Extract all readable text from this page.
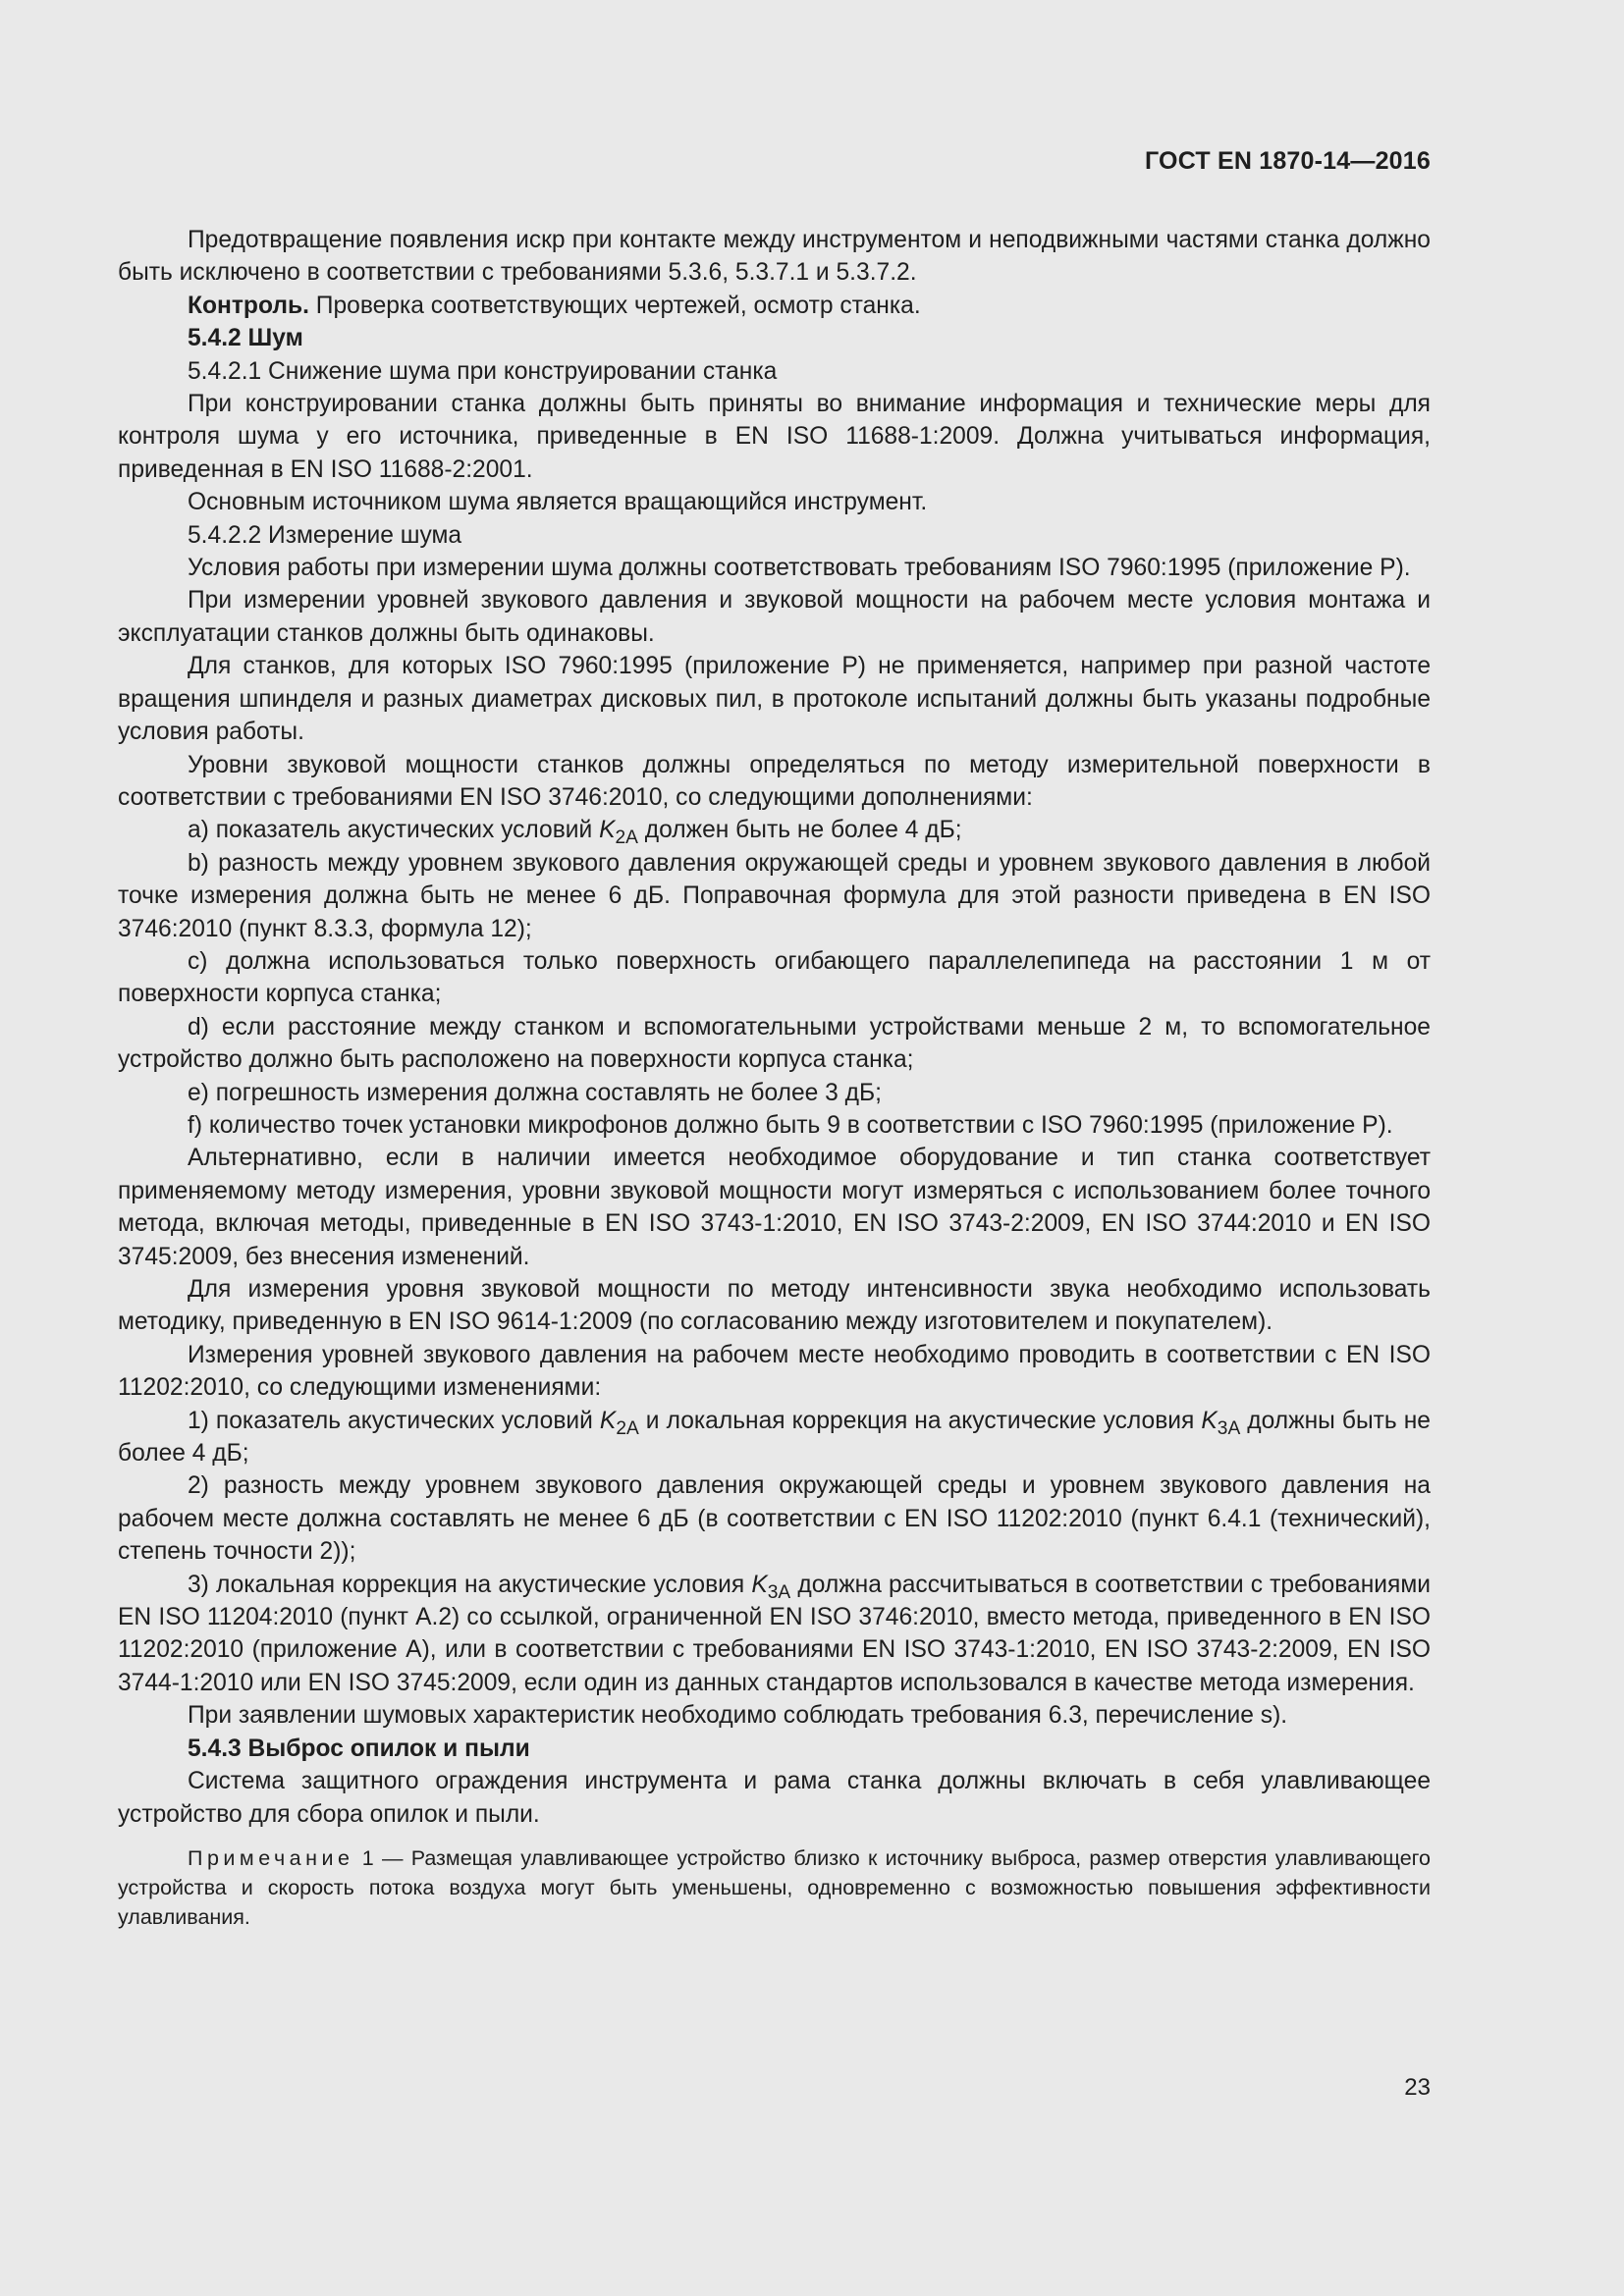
ГОСТ EN 1870-14—2016

Предотвращение появления искр при контакте между инструментом и неподвижными частями станка должно быть исключено в соответствии с требованиями 5.3.6, 5.3.7.1 и 5.3.7.2.

Контроль. Проверка соответствующих чертежей, осмотр станка.

5.4.2 Шум

5.4.2.1 Снижение шума при конструировании станка

При конструировании станка должны быть приняты во внимание информация и технические меры для контроля шума у его источника, приведенные в EN ISO 11688-1:2009. Должна учитываться информация, приведенная в EN ISO 11688-2:2001.

Основным источником шума является вращающийся инструмент.

5.4.2.2 Измерение шума

Условия работы при измерении шума должны соответствовать требованиям ISO 7960:1995 (приложение P).

При измерении уровней звукового давления и звуковой мощности на рабочем месте условия монтажа и эксплуатации станков должны быть одинаковы.

Для станков, для которых ISO 7960:1995 (приложение P) не применяется, например при разной частоте вращения шпинделя и разных диаметрах дисковых пил, в протоколе испытаний должны быть указаны подробные условия работы.

Уровни звуковой мощности станков должны определяться по методу измерительной поверхности в соответствии с требованиями EN ISO 3746:2010, со следующими дополнениями:

a) показатель акустических условий $K_{2A}$ должен быть не более 4 дБ;

b) разность между уровнем звукового давления окружающей среды и уровнем звукового давления в любой точке измерения должна быть не менее 6 дБ. Поправочная формула для этой разности приведена в EN ISO 3746:2010 (пункт 8.3.3, формула 12);

c) должна использоваться только поверхность огибающего параллелепипеда на расстоянии 1 м от поверхности корпуса станка;

d) если расстояние между станком и вспомогательными устройствами меньше 2 м, то вспомогательное устройство должно быть расположено на поверхности корпуса станка;

e) погрешность измерения должна составлять не более 3 дБ;

f) количество точек установки микрофонов должно быть 9 в соответствии с ISO 7960:1995 (приложение P).

Альтернативно, если в наличии имеется необходимое оборудование и тип станка соответствует применяемому методу измерения, уровни звуковой мощности могут измеряться с использованием более точного метода, включая методы, приведенные в EN ISO 3743-1:2010, EN ISO 3743-2:2009, EN ISO 3744:2010 и EN ISO 3745:2009, без внесения изменений.

Для измерения уровня звуковой мощности по методу интенсивности звука необходимо использовать методику, приведенную в EN ISO 9614-1:2009 (по согласованию между изготовителем и покупателем).

Измерения уровней звукового давления на рабочем месте необходимо проводить в соответствии с EN ISO 11202:2010, со следующими изменениями:

1) показатель акустических условий $K_{2A}$ и локальная коррекция на акустические условия $K_{3A}$ должны быть не более 4 дБ;

2) разность между уровнем звукового давления окружающей среды и уровнем звукового давления на рабочем месте должна составлять не менее 6 дБ (в соответствии с EN ISO 11202:2010 (пункт 6.4.1 (технический), степень точности 2));

3) локальная коррекция на акустические условия $K_{3A}$ должна рассчитываться в соответствии с требованиями EN ISO 11204:2010 (пункт A.2) со ссылкой, ограниченной EN ISO 3746:2010, вместо метода, приведенного в EN ISO 11202:2010 (приложение A), или в соответствии с требованиями EN ISO 3743-1:2010, EN ISO 3743-2:2009, EN ISO 3744-1:2010 или EN ISO 3745:2009, если один из данных стандартов использовался в качестве метода измерения.

При заявлении шумовых характеристик необходимо соблюдать требования 6.3, перечисление s).

5.4.3 Выброс опилок и пыли

Система защитного ограждения инструмента и рама станка должны включать в себя улавливающее устройство для сбора опилок и пыли.

Примечание 1 — Размещая улавливающее устройство близко к источнику выброса, размер отверстия улавливающего устройства и скорость потока воздуха могут быть уменьшены, одновременно с возможностью повышения эффективности улавливания.

23
